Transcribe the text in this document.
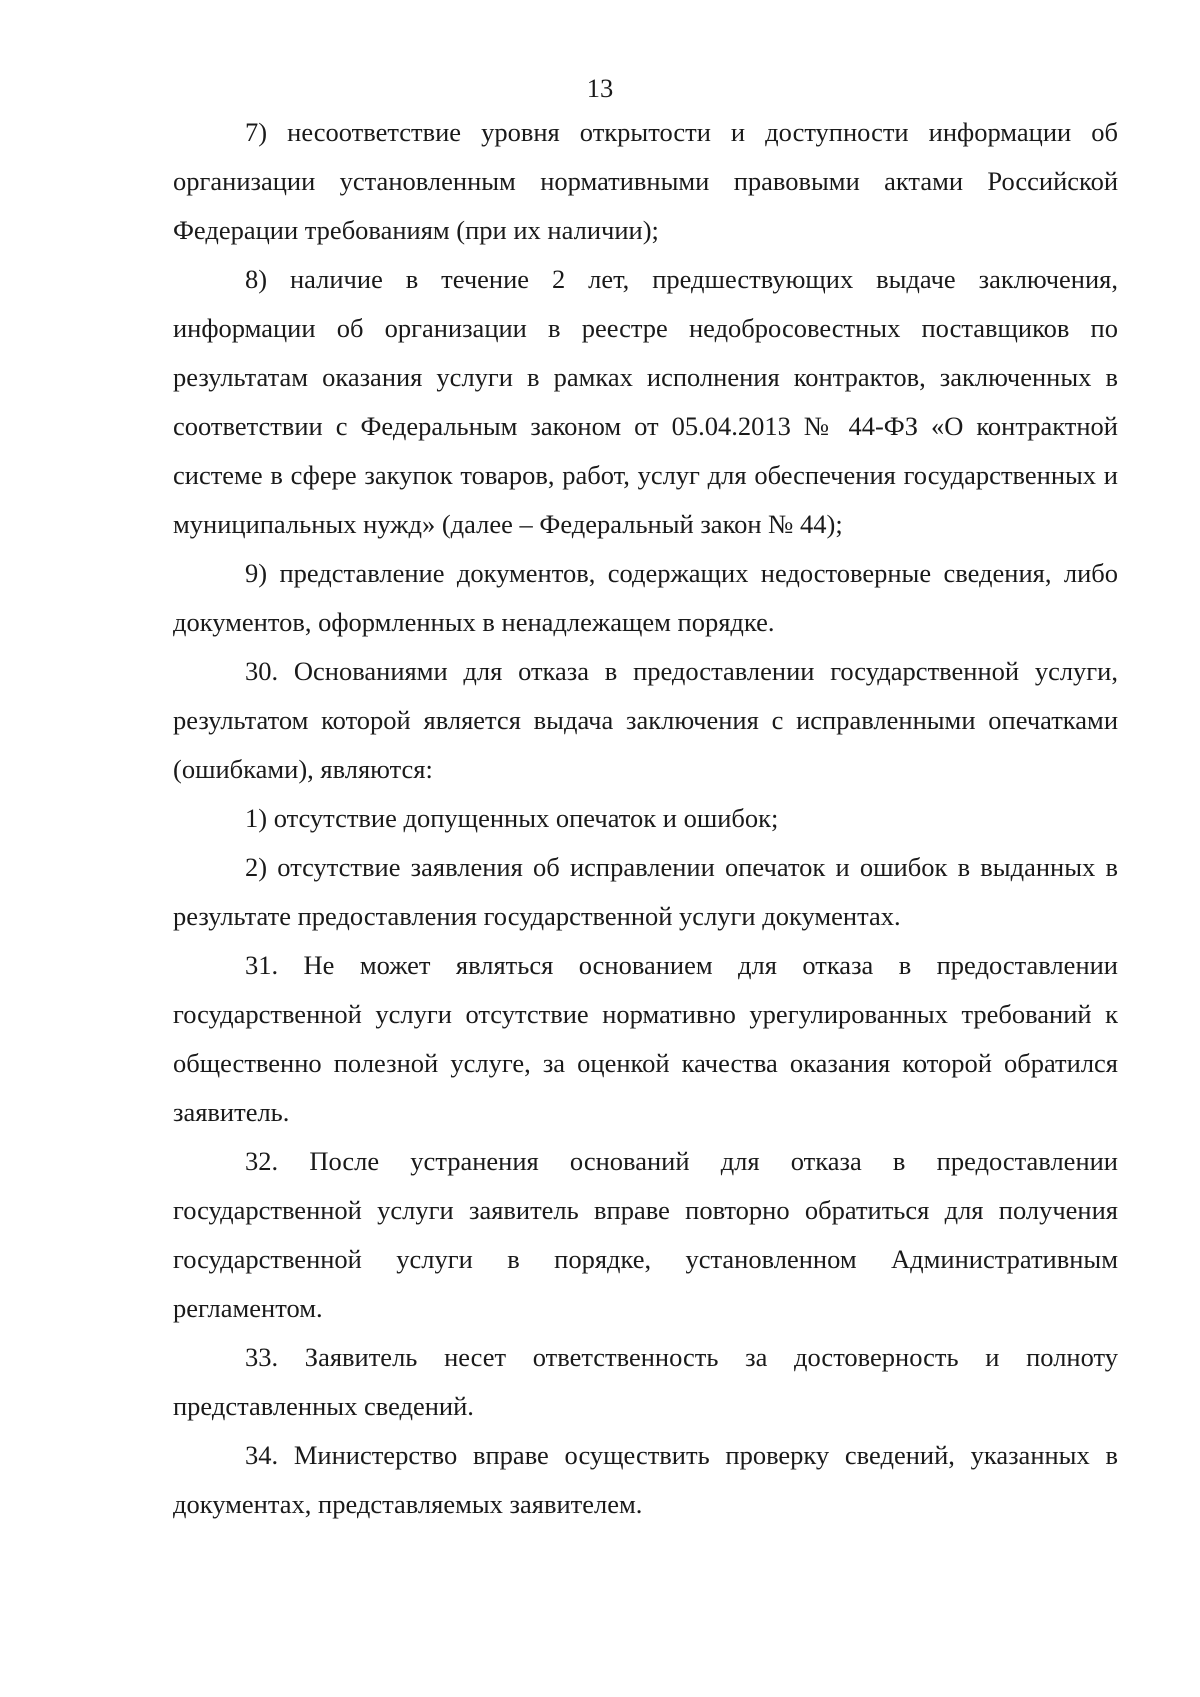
13

7) несоответствие уровня открытости и доступности информации об организации установленным нормативными правовыми актами Российской Федерации требованиям (при их наличии);

8) наличие в течение 2 лет, предшествующих выдаче заключения, информации об организации в реестре недобросовестных поставщиков по результатам оказания услуги в рамках исполнения контрактов, заключенных в соответствии с Федеральным законом от 05.04.2013 № 44-ФЗ «О контрактной системе в сфере закупок товаров, работ, услуг для обеспечения государственных и муниципальных нужд» (далее – Федеральный закон № 44);

9) представление документов, содержащих недостоверные сведения, либо документов, оформленных в ненадлежащем порядке.

30. Основаниями для отказа в предоставлении государственной услуги, результатом которой является выдача заключения с исправленными опечатками (ошибками), являются:

1) отсутствие допущенных опечаток и ошибок;

2) отсутствие заявления об исправлении опечаток и ошибок в выданных в результате предоставления государственной услуги документах.

31. Не может являться основанием для отказа в предоставлении государственной услуги отсутствие нормативно урегулированных требований к общественно полезной услуге, за оценкой качества оказания которой обратился заявитель.

32. После устранения оснований для отказа в предоставлении государственной услуги заявитель вправе повторно обратиться для получения государственной услуги в порядке, установленном Административным регламентом.

33. Заявитель несет ответственность за достоверность и полноту представленных сведений.

34. Министерство вправе осуществить проверку сведений, указанных в документах, представляемых заявителем.
